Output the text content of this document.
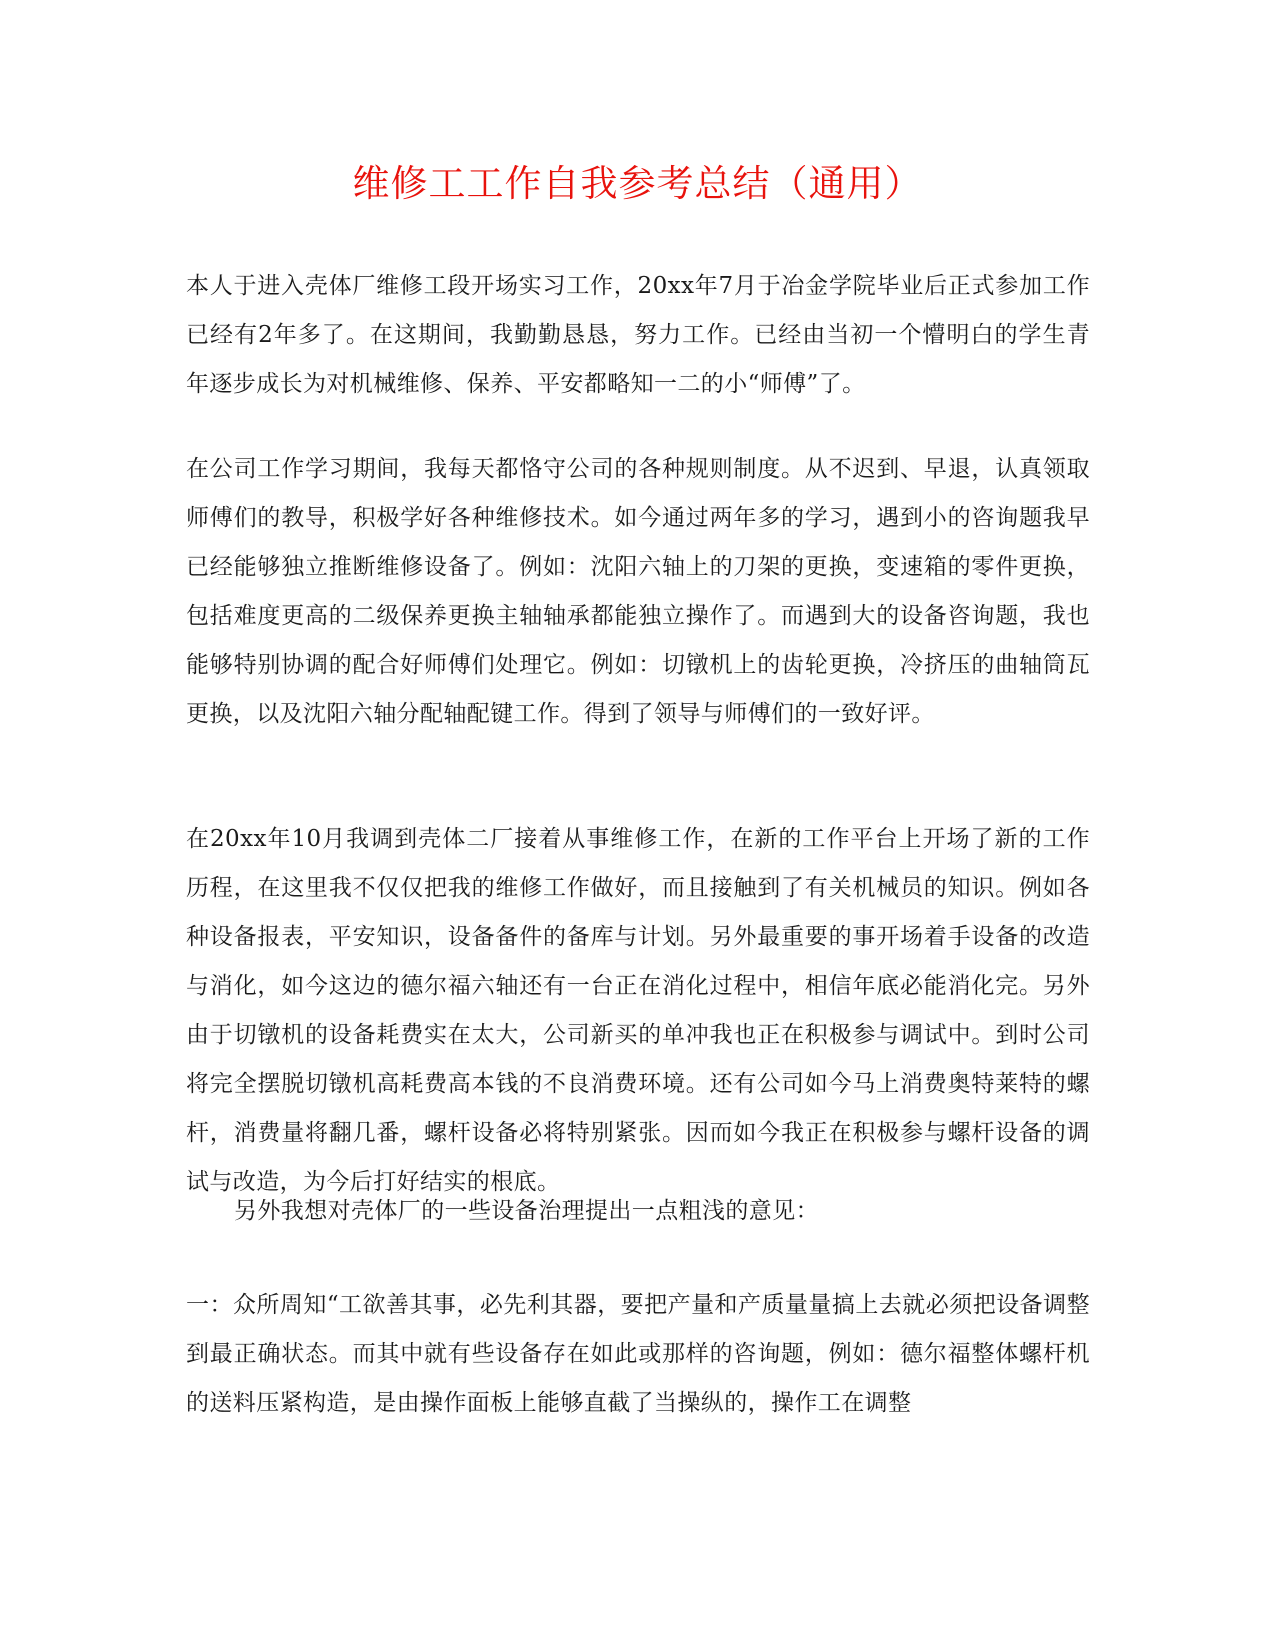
维修工工作自我参考总结（通用）
本人于进入壳体厂维修工段开场实习工作，20xx年7月于冶金学院毕业后正式参加工作已经有2年多了。在这期间，我勤勤恳恳，努力工作。已经由当初一个懵明白的学生青年逐步成长为对机械维修、保养、平安都略知一二的小“师傅”了。
在公司工作学习期间，我每天都恪守公司的各种规则制度。从不迟到、早退，认真领取师傅们的教导，积极学好各种维修技术。如今通过两年多的学习，遇到小的咨询题我早已经能够独立推断维修设备了。例如：沈阳六轴上的刀架的更换，变速箱的零件更换，包括难度更高的二级保养更换主轴轴承都能独立操作了。而遇到大的设备咨询题，我也能够特别协调的配合好师傅们处理它。例如：切镦机上的齿轮更换，冷挤压的曲轴筒瓦更换，以及沈阳六轴分配轴配键工作。得到了领导与师傅们的一致好评。
在20xx年10月我调到壳体二厂接着从事维修工作，在新的工作平台上开场了新的工作历程，在这里我不仅仅把我的维修工作做好，而且接触到了有关机械员的知识。例如各种设备报表，平安知识，设备备件的备库与计划。另外最重要的事开场着手设备的改造与消化，如今这边的德尔福六轴还有一台正在消化过程中，相信年底必能消化完。另外由于切镦机的设备耗费实在太大，公司新买的单冲我也正在积极参与调试中。到时公司将完全摆脱切镦机高耗费高本钱的不良消费环境。还有公司如今马上消费奥特莱特的螺杆，消费量将翻几番，螺杆设备必将特别紧张。因而如今我正在积极参与螺杆设备的调试与改造，为今后打好结实的根底。
另外我想对壳体厂的一些设备治理提出一点粗浅的意见：
一：众所周知“工欲善其事，必先利其器，要把产量和产质量量搞上去就必须把设备调整到最正确状态。而其中就有些设备存在如此或那样的咨询题，例如：德尔福整体螺杆机的送料压紧构造，是由操作面板上能够直截了当操纵的，操作工在调整
